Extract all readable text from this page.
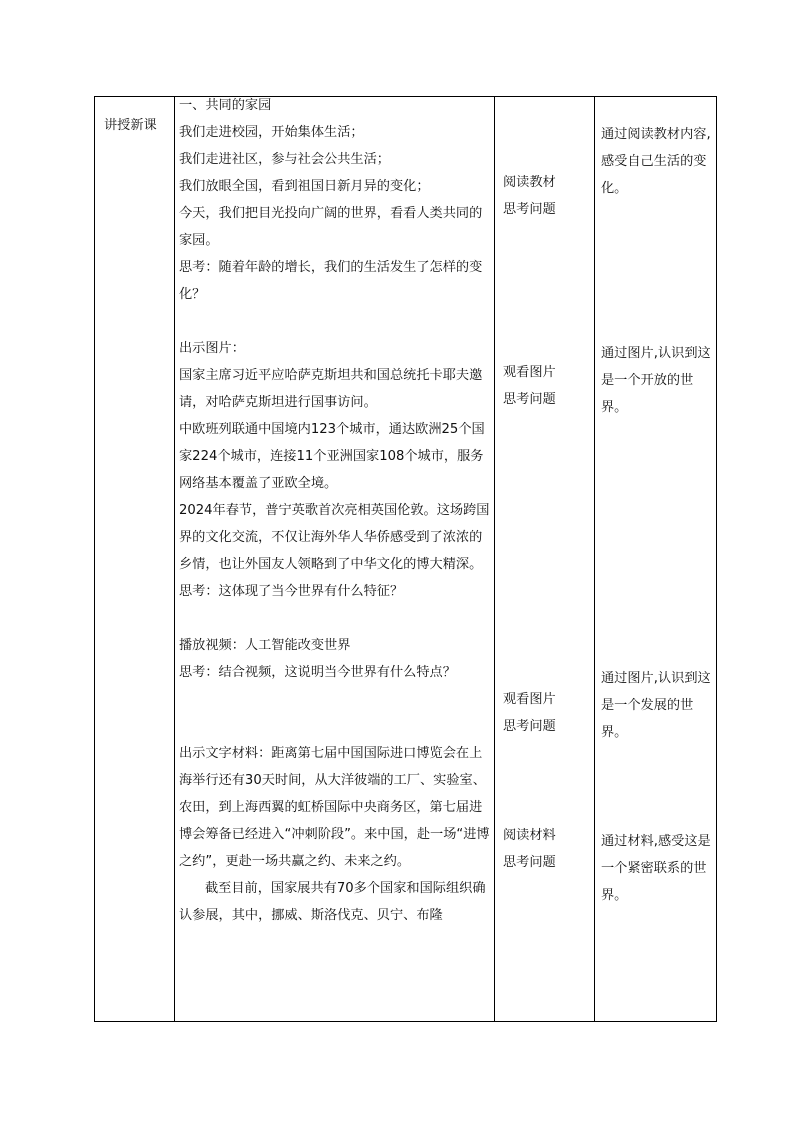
讲授新课
一、共同的家园
我们走进校园，开始集体生活；
我们走进社区，参与社会公共生活；
我们放眼全国，看到祖国日新月异的变化；
今天，我们把目光投向广阔的世界，看看人类共同的家园。
思考：随着年龄的增长，我们的生活发生了怎样的变化？
出示图片：
国家主席习近平应哈萨克斯坦共和国总统托卡耶夫邀请，对哈萨克斯坦进行国事访问。
中欧班列联通中国境内123个城市，通达欧洲25个国家224个城市，连接11个亚洲国家108个城市，服务网络基本覆盖了亚欧全境。
2024年春节，普宁英歌首次亮相英国伦敦。这场跨国界的文化交流，不仅让海外华人华侨感受到了浓浓的乡情，也让外国友人领略到了中华文化的博大精深。
思考：这体现了当今世界有什么特征？
播放视频：人工智能改变世界
思考：结合视频，这说明当今世界有什么特点？
出示文字材料：距离第七届中国国际进口博览会在上海举行还有30天时间，从大洋彼端的工厂、实验室、农田，到上海西翼的虹桥国际中央商务区，第七届进博会筹备已经进入“冲刺阶段”。来中国，赴一场“进博之约”，更赴一场共赢之约、未来之约。
截至目前，国家展共有70多个国家和国际组织确认参展，其中，挪威、斯洛伐克、贝宁、布隆
阅读教材
思考问题
观看图片
思考问题
观看图片
思考问题
阅读材料
思考问题
通过阅读教材内容,感受自己生活的变化。
通过图片,认识到这是一个开放的世界。
通过图片,认识到这是一个发展的世界。
通过材料,感受这是一个紧密联系的世界。
